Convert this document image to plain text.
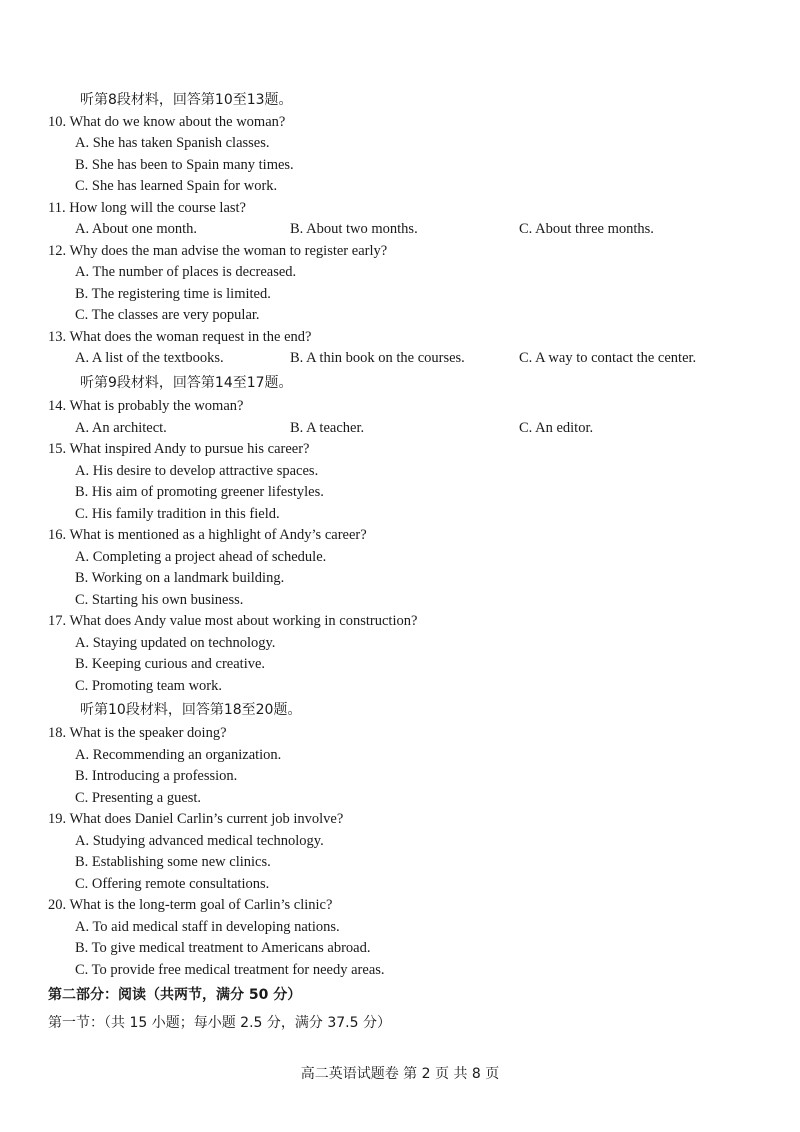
听第8段材料，回答第10至13题。
10. What do we know about the woman?
A. She has taken Spanish classes.
B. She has been to Spain many times.
C. She has learned Spain for work.
11. How long will the course last?
A. About one month.	B. About two months.	C. About three months.
12. Why does the man advise the woman to register early?
A. The number of places is decreased.
B. The registering time is limited.
C. The classes are very popular.
13. What does the woman request in the end?
A. A list of the textbooks.	B. A thin book on the courses.	C. A way to contact the center.
听第9段材料，回答第14至17题。
14. What is probably the woman?
A. An architect.	B. A teacher.	C. An editor.
15. What inspired Andy to pursue his career?
A. His desire to develop attractive spaces.
B. His aim of promoting greener lifestyles.
C. His family tradition in this field.
16. What is mentioned as a highlight of Andy’s career?
A. Completing a project ahead of schedule.
B. Working on a landmark building.
C. Starting his own business.
17. What does Andy value most about working in construction?
A. Staying updated on technology.
B. Keeping curious and creative.
C. Promoting team work.
听第10段材料，回答第18至20题。
18. What is the speaker doing?
A. Recommending an organization.
B. Introducing a profession.
C. Presenting a guest.
19. What does Daniel Carlin’s current job involve?
A. Studying advanced medical technology.
B. Establishing some new clinics.
C. Offering remote consultations.
20. What is the long-term goal of Carlin’s clinic?
A. To aid medical staff in developing nations.
B. To give medical treatment to Americans abroad.
C. To provide free medical treatment for needy areas.
第二部分：阅读（共两节，满分 50 分）
第一节：（共 15 小题；每小题 2.5 分，满分 37.5 分）
高二英语试题卷 第 2 页 共 8 页
